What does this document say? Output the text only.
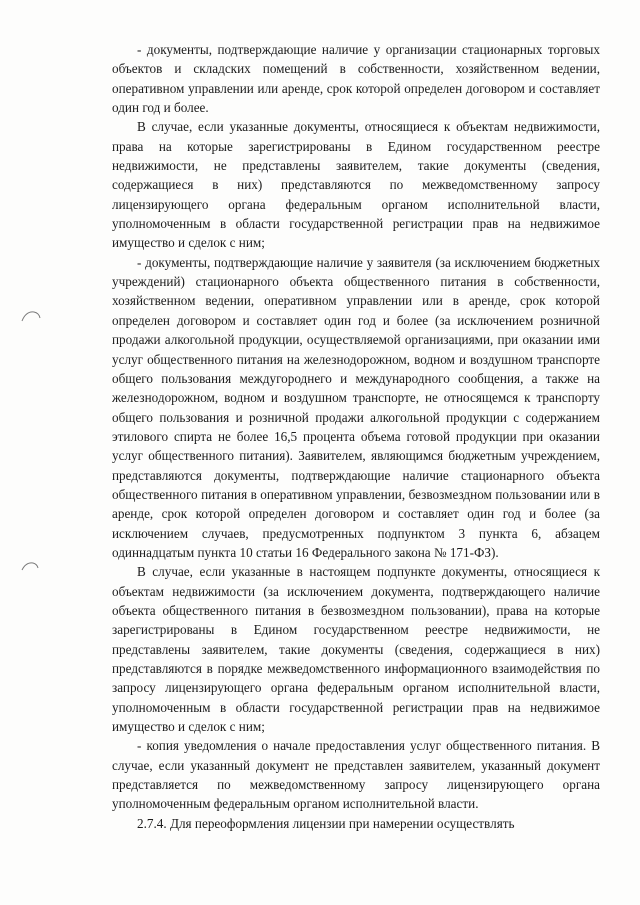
- документы, подтверждающие наличие у организации стационарных торговых объектов и складских помещений в собственности, хозяйственном ведении, оперативном управлении или аренде, срок которой определен договором и составляет один год и более.

В случае, если указанные документы, относящиеся к объектам недвижимости, права на которые зарегистрированы в Едином государственном реестре недвижимости, не представлены заявителем, такие документы (сведения, содержащиеся в них) представляются по межведомственному запросу лицензирующего органа федеральным органом исполнительной власти, уполномоченным в области государственной регистрации прав на недвижимое имущество и сделок с ним;

- документы, подтверждающие наличие у заявителя (за исключением бюджетных учреждений) стационарного объекта общественного питания в собственности, хозяйственном ведении, оперативном управлении или в аренде, срок которой определен договором и составляет один год и более (за исключением розничной продажи алкогольной продукции, осуществляемой организациями, при оказании ими услуг общественного питания на железнодорожном, водном и воздушном транспорте общего пользования междугороднего и международного сообщения, а также на железнодорожном, водном и воздушном транспорте, не относящемся к транспорту общего пользования и розничной продажи алкогольной продукции с содержанием этилового спирта не более 16,5 процента объема готовой продукции при оказании услуг общественного питания). Заявителем, являющимся бюджетным учреждением, представляются документы, подтверждающие наличие стационарного объекта общественного питания в оперативном управлении, безвозмездном пользовании или в аренде, срок которой определен договором и составляет один год и более (за исключением случаев, предусмотренных подпунктом 3 пункта 6, абзацем одиннадцатым пункта 10 статьи 16 Федерального закона № 171-ФЗ).

В случае, если указанные в настоящем подпункте документы, относящиеся к объектам недвижимости (за исключением документа, подтверждающего наличие объекта общественного питания в безвозмездном пользовании), права на которые зарегистрированы в Едином государственном реестре недвижимости, не представлены заявителем, такие документы (сведения, содержащиеся в них) представляются в порядке межведомственного информационного взаимодействия по запросу лицензирующего органа федеральным органом исполнительной власти, уполномоченным в области государственной регистрации прав на недвижимое имущество и сделок с ним;

- копия уведомления о начале предоставления услуг общественного питания. В случае, если указанный документ не представлен заявителем, указанный документ представляется по межведомственному запросу лицензирующего органа уполномоченным федеральным органом исполнительной власти.

2.7.4. Для переоформления лицензии при намерении осуществлять
